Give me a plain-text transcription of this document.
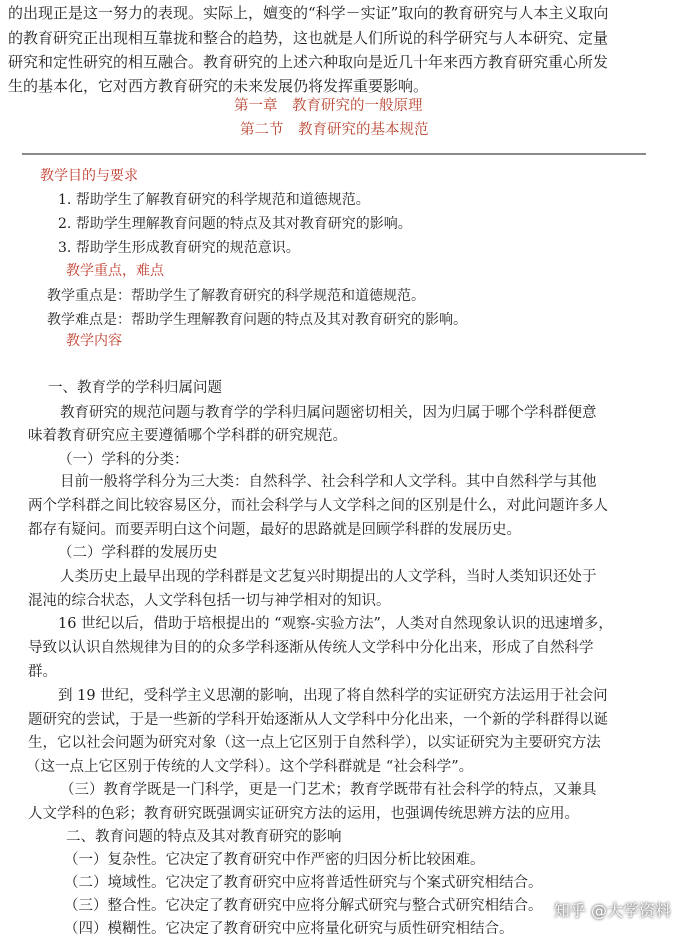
的出现正是这一努力的表现。实际上，嬗变的“科学－实证”取向的教育研究与人本主义取向

的教育研究正出现相互靠拢和整合的趋势，这也就是人们所说的科学研究与人本研究、定量

研究和定性研究的相互融合。教育研究的上述六种取向是近几十年来西方教育研究重心所发

生的基本化，它对西方教育研究的未来发展仍将发挥重要影响。

第一章　教育研究的一般原理

第二节　教育研究的基本规范

教学目的与要求

1. 帮助学生了解教育研究的科学规范和道德规范。

2. 帮助学生理解教育问题的特点及其对教育研究的影响。

3. 帮助学生形成教育研究的规范意识。

教学重点，难点

教学重点是：帮助学生了解教育研究的科学规范和道德规范。

教学难点是：帮助学生理解教育问题的特点及其对教育研究的影响。

教学内容

一、教育学的学科归属问题

教育研究的规范问题与教育学的学科归属问题密切相关，因为归属于哪个学科群便意

味着教育研究应主要遵循哪个学科群的研究规范。

（一）学科的分类：

目前一般将学科分为三大类：自然科学、社会科学和人文学科。其中自然科学与其他

两个学科群之间比较容易区分，而社会科学与人文学科之间的区别是什么，对此问题许多人

都存有疑问。而要弄明白这个问题，最好的思路就是回顾学科群的发展历史。

（二）学科群的发展历史

人类历史上最早出现的学科群是文艺复兴时期提出的人文学科，当时人类知识还处于

混沌的综合状态，人文学科包括一切与神学相对的知识。

16 世纪以后，借助于培根提出的 “观察-实验方法”，人类对自然现象认识的迅速增多，

导致以认识自然规律为目的的众多学科逐渐从传统人文学科中分化出来，形成了自然科学

群。

到 19 世纪，受科学主义思潮的影响，出现了将自然科学的实证研究方法运用于社会问

题研究的尝试，于是一些新的学科开始逐渐从人文学科中分化出来，一个新的学科群得以诞

生，它以社会问题为研究对象（这一点上它区别于自然科学），以实证研究为主要研究方法

（这一点上它区别于传统的人文学科）。这个学科群就是 “社会科学”。

（三）教育学既是一门科学，更是一门艺术；教育学既带有社会科学的特点，又兼具

人文学科的色彩；教育研究既强调实证研究方法的运用，也强调传统思辨方法的应用。

二、教育问题的特点及其对教育研究的影响

（一）复杂性。它决定了教育研究中作严密的归因分析比较困难。

（二）境域性。它决定了教育研究中应将普适性研究与个案式研究相结合。

（三）整合性。它决定了教育研究中应将分解式研究与整合式研究相结合。

（四）模糊性。它决定了教育研究中应将量化研究与质性研究相结合。

知乎 @大学资料
